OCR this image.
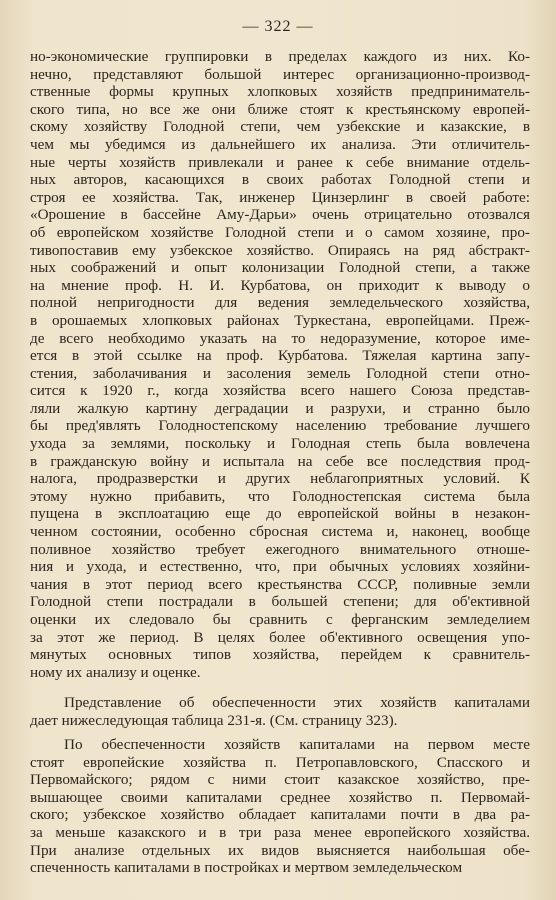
— 322 —
но-экономические группировки в пределах каждого из них. Ко-
нечно, представляют большой интерес организационно-производ-
ственные формы крупных хлопковых хозяйств предприниматель-
ского типа, но все же они ближе стоят к крестьянскому европей-
скому хозяйству Голодной степи, чем узбекские и казакские, в
чем мы убедимся из дальнейшего их анализа. Эти отличитель-
ные черты хозяйств привлекали и ранее к себе внимание отдель-
ных авторов, касающихся в своих работах Голодной степи и
строя ее хозяйства. Так, инженер Цинзерлинг в своей работе:
«Орошение в бассейне Аму-Дарьи» очень отрицательно отозвался
об европейском хозяйстве Голодной степи и о самом хозяине, про-
тивопоставив ему узбекское хозяйство. Опираясь на ряд абстракт-
ных соображений и опыт колонизации Голодной степи, а также
на мнение проф. Н. И. Курбатова, он приходит к выводу о
полной непригодности для ведения земледельческого хозяйства,
в орошаемых хлопковых районах Туркестана, европейцами. Преж-
де всего необходимо указать на то недоразумение, которое име-
ется в этой ссылке на проф. Курбатова. Тяжелая картина запу-
стения, заболачивания и засоления земель Голодной степи отно-
сится к 1920 г., когда хозяйства всего нашего Союза представ-
ляли жалкую картину деградации и разрухи, и странно было
бы пред'являть Голодностепскому населению требование лучшего
ухода за землями, поскольку и Голодная степь была вовлечена
в гражданскую войну и испытала на себе все последствия прод-
налога, продразверстки и других неблагоприятных условий. К
этому нужно прибавить, что Голодностепская система была
пущена в эксплоатацию еще до европейской войны в незакон-
ченном состоянии, особенно сбросная система и, наконец, вообще
поливное хозяйство требует ежегодного внимательного отноше-
ния и ухода, и естественно, что, при обычных условиях хозяйни-
чания в этот период всего крестьянства СССР, поливные земли
Голодной степи пострадали в большей степени; для об'ективной
оценки их следовало бы сравнить с ферганским земледелием
за этот же период. В целях более об'ективного освещения упо-
мянутых основных типов хозяйства, перейдем к сравнитель-
ному их анализу и оценке.
Представление об обеспеченности этих хозяйств капиталами
дает нижеследующая таблица 231-я. (См. страницу 323).
По обеспеченности хозяйств капиталами на первом месте
стоят европейские хозяйства п. Петропавловского, Спасского и
Первомайского; рядом с ними стоит казакское хозяйство, пре-
вышающее своими капиталами среднее хозяйство п. Первомай-
ского; узбекское хозяйство обладает капиталами почти в два ра-
за меньше казакского и в три раза менее европейского хозяйства.
При анализе отдельных их видов выясняется наибольшая обе-
спеченность капиталами в постройках и мертвом земледельческом
